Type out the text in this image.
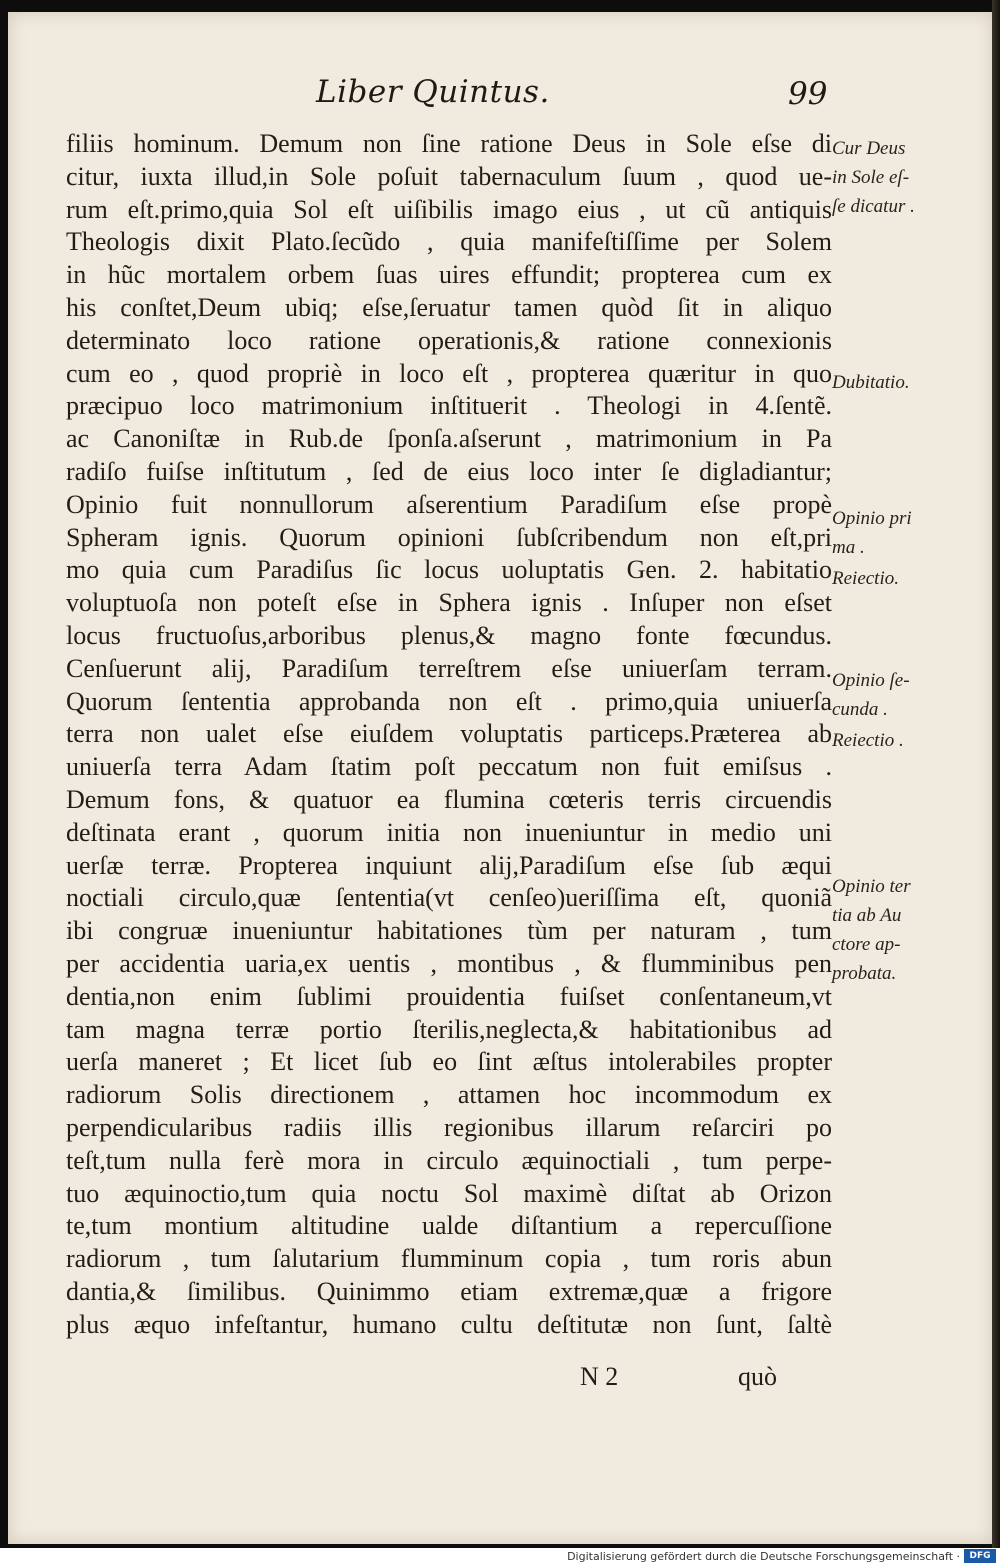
Liber Quintus.	99
filiis hominum. Demum non ſine ratione Deus in Sole eſse di
citur, iuxta illud,in Sole poſuit tabernaculum ſuum , quod ue-
rum eſt.primo,quia Sol eſt uiſibilis imago eius , ut cũ antiquis
Theologis dixit Plato.ſecũdo , quia manifeſtiſſime per Solem
in hũc mortalem orbem ſuas uires effundit; propterea cum ex
his conſtet,Deum ubiq; eſse,ſeruatur tamen quòd ſit in aliquo
determinato loco ratione operationis,& ratione connexionis
cum eo , quod propriè in loco eſt , propterea quæritur in quo
præcipuo loco matrimonium inſtituerit . Theologi in 4.ſentẽ.
ac Canoniſtæ in Rub.de ſponſa.aſserunt , matrimonium in Pa
radiſo fuiſse inſtitutum , ſed de eius loco inter ſe digladiantur;
Opinio fuit nonnullorum aſserentium Paradiſum eſse propè
Spheram ignis. Quorum opinioni ſubſcribendum non eſt,pri
mo quia cum Paradiſus ſic locus uoluptatis Gen. 2. habitatio
voluptuoſa non poteſt eſse in Sphera ignis . Inſuper non eſset
locus fructuoſus,arboribus plenus,& magno fonte fœcundus.
Cenſuerunt alij, Paradiſum terreſtrem eſse uniuerſam terram.
Quorum ſententia approbanda non eſt . primo,quia uniuerſa
terra non ualet eſse eiuſdem voluptatis particeps.Præterea ab
uniuerſa terra Adam ſtatim poſt peccatum non fuit emiſsus .
Demum fons, & quatuor ea flumina cœteris terris circuendis
deſtinata erant , quorum initia non inueniuntur in medio uni
uerſæ terræ. Propterea inquiunt alij,Paradiſum eſse ſub æqui
noctiali circulo,quæ ſententia(vt cenſeo)ueriſſima eſt, quoniã
ibi congruæ inueniuntur habitationes tùm per naturam , tum
per accidentia uaria,ex uentis , montibus , & flumminibus pen
dentia,non enim ſublimi prouidentia fuiſset conſentaneum,vt
tam magna terræ portio ſterilis,neglecta,& habitationibus ad
uerſa maneret ; Et licet ſub eo ſint æſtus intolerabiles propter
radiorum Solis directionem , attamen hoc incommodum ex
perpendicularibus radiis illis regionibus illarum reſarciri po
teſt,tum nulla ferè mora in circulo æquinoctiali , tum perpe-
tuo æquinoctio,tum quia noctu Sol maximè diſtat ab Orizon
te,tum montium altitudine ualde diſtantium a repercuſſione
radiorum , tum ſalutarium flumminum copia , tum roris abun
dantia,& ſimilibus. Quinimmo etiam extremæ,quæ a frigore
plus æquo infeſtantur, humano cultu deſtitutæ non ſunt, ſaltè
N 2	quò
Cur Deus
in Sole eſ-
ſe dicatur .
Dubitatio.
Opinio pri
ma .
Reiectio.
Opinio ſe-
cunda .
Reiectio .
Opinio ter
tia ab Au
ctore ap-
probata.
Digitalisierung gefördert durch die Deutsche Forschungsgemeinschaft ·	DFG
